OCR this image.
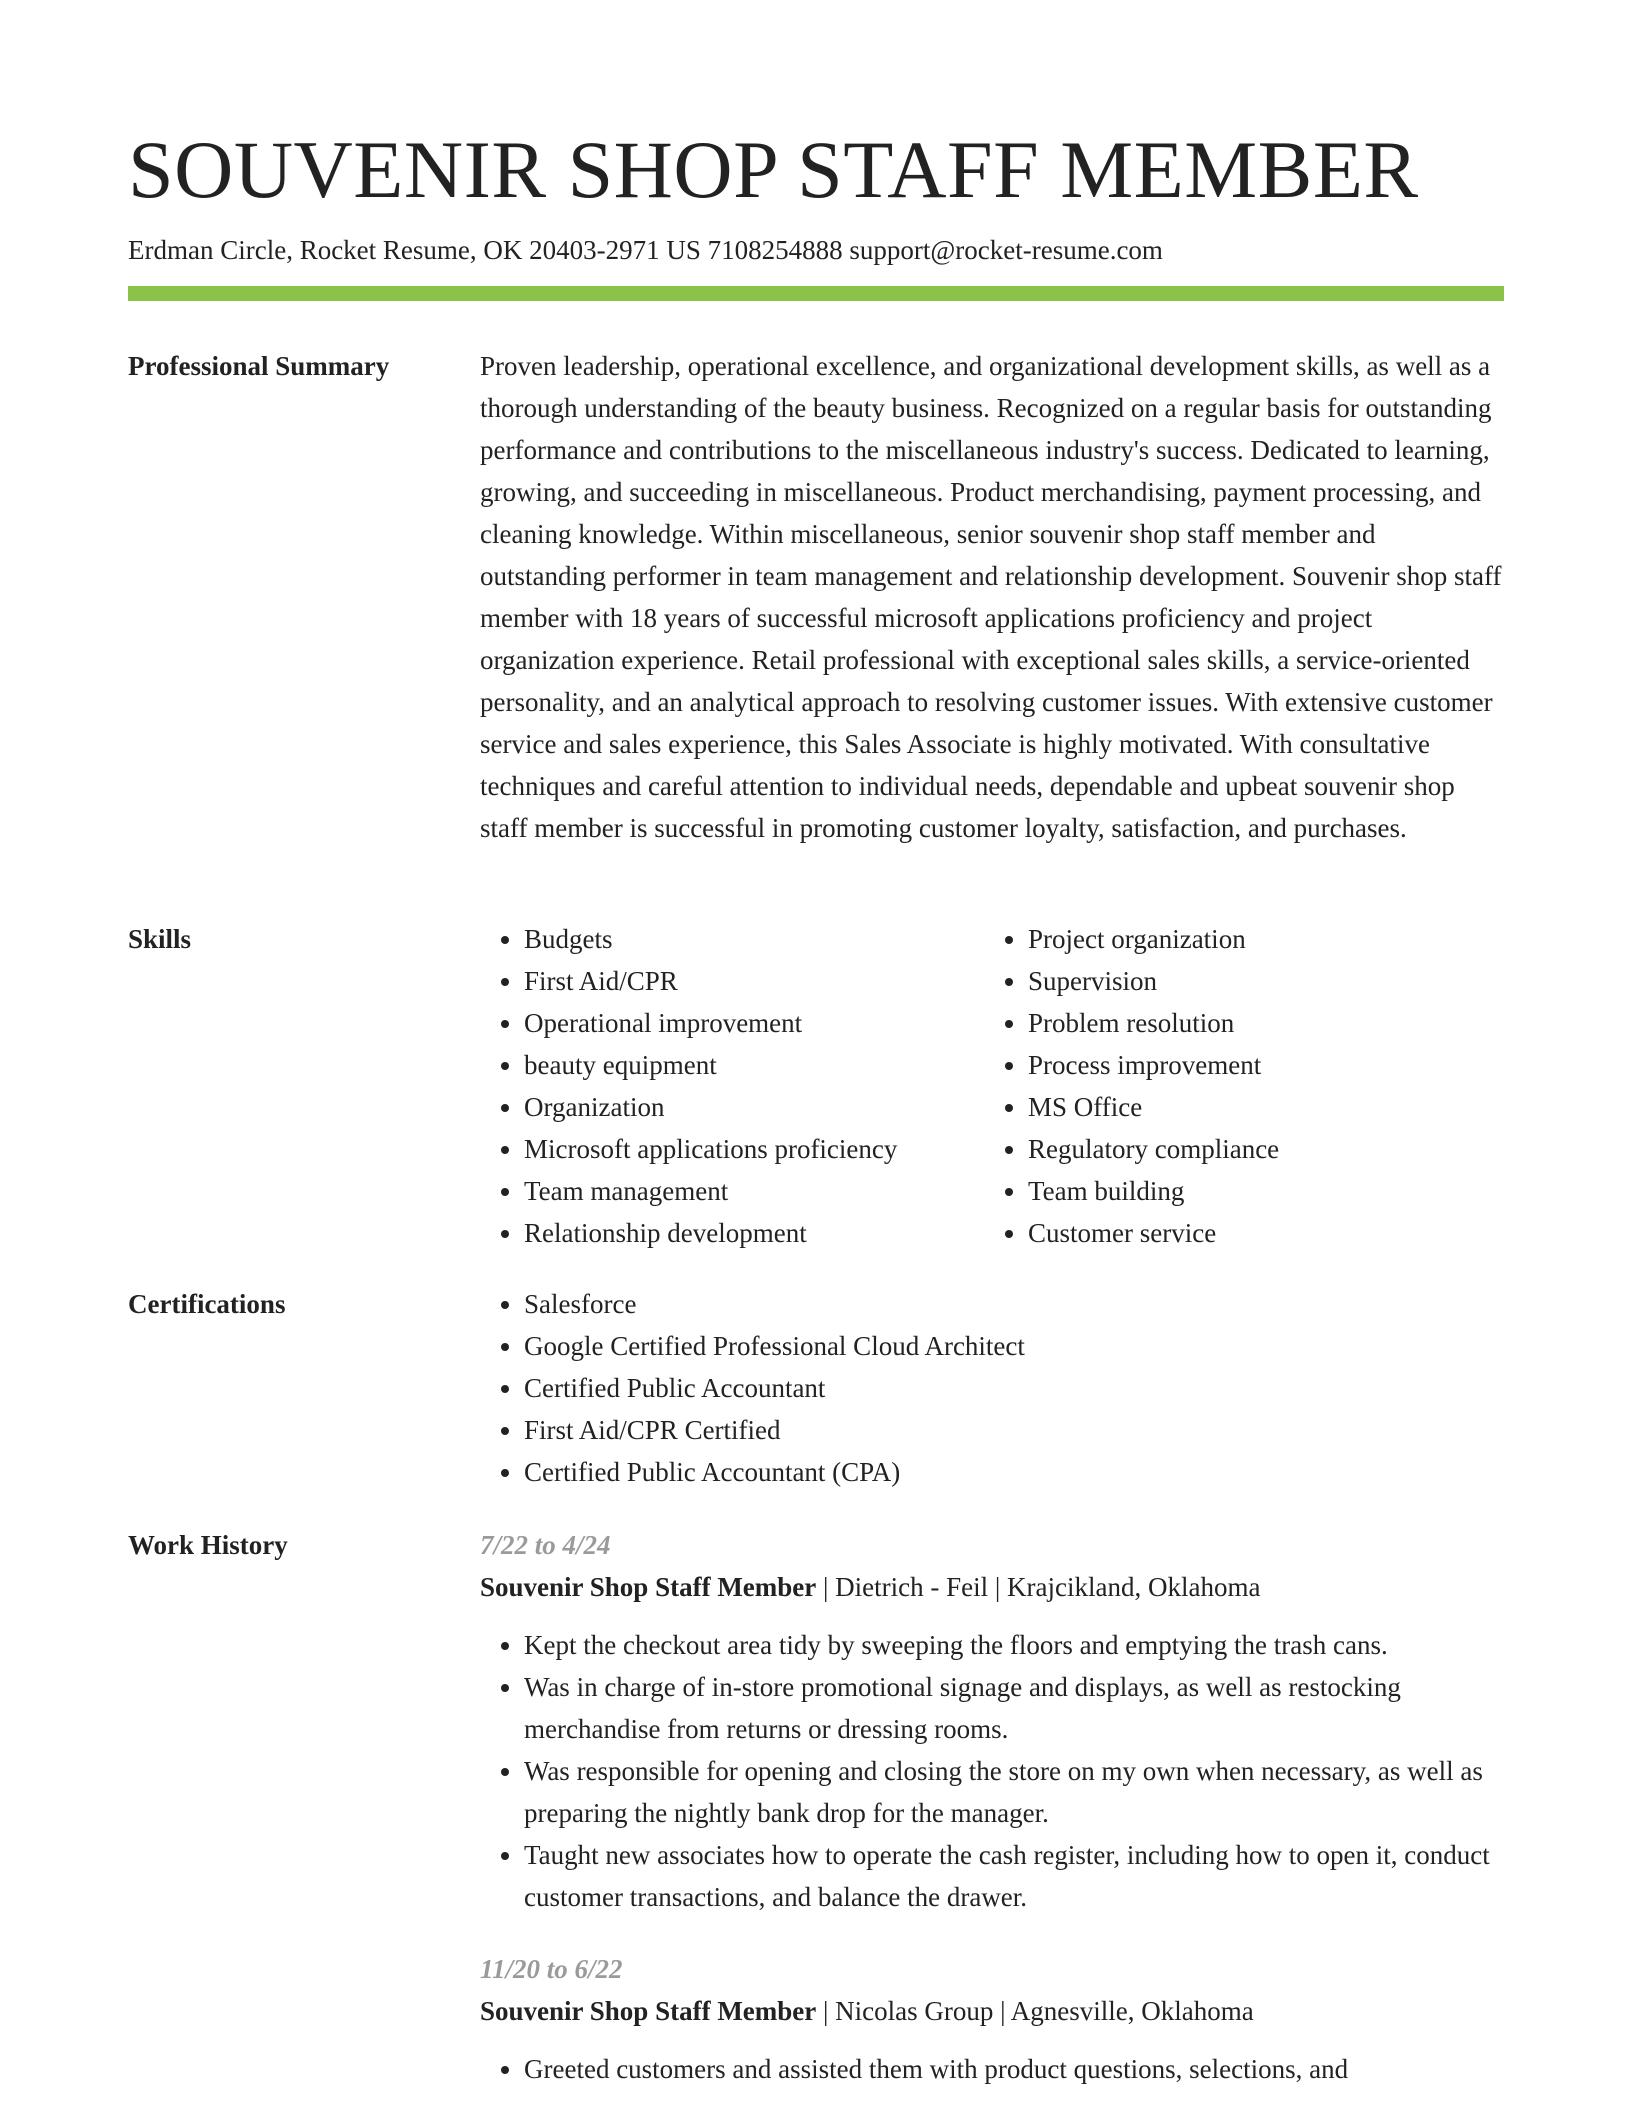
SOUVENIR SHOP STAFF MEMBER
Erdman Circle, Rocket Resume, OK 20403-2971 US 7108254888 support@rocket-resume.com
Professional Summary	Proven leadership, operational excellence, and organizational development skills, as well as a thorough understanding of the beauty business. Recognized on a regular basis for outstanding performance and contributions to the miscellaneous industry's success. Dedicated to learning, growing, and succeeding in miscellaneous. Product merchandising, payment processing, and cleaning knowledge. Within miscellaneous, senior souvenir shop staff member and outstanding performer in team management and relationship development. Souvenir shop staff member with 18 years of successful microsoft applications proficiency and project organization experience. Retail professional with exceptional sales skills, a service-oriented personality, and an analytical approach to resolving customer issues. With extensive customer service and sales experience, this Sales Associate is highly motivated. With consultative techniques and careful attention to individual needs, dependable and upbeat souvenir shop staff member is successful in promoting customer loyalty, satisfaction, and purchases.

Skills	• Budgets
• First Aid/CPR
• Operational improvement
• beauty equipment
• Organization
• Microsoft applications proficiency
• Team management
• Relationship development
• Project organization
• Supervision
• Problem resolution
• Process improvement
• MS Office
• Regulatory compliance
• Team building
• Customer service
Certifications	• Salesforce
• Google Certified Professional Cloud Architect
• Certified Public Accountant
• First Aid/CPR Certified
• Certified Public Accountant (CPA)
Work History	7/22 to 4/24
Souvenir Shop Staff Member | Dietrich - Feil | Krajcikland, Oklahoma
• Kept the checkout area tidy by sweeping the floors and emptying the trash cans.
• Was in charge of in-store promotional signage and displays, as well as restocking merchandise from returns or dressing rooms.
• Was responsible for opening and closing the store on my own when necessary, as well as preparing the nightly bank drop for the manager.
• Taught new associates how to operate the cash register, including how to open it, conduct customer transactions, and balance the drawer.
11/20 to 6/22
Souvenir Shop Staff Member | Nicolas Group | Agnesville, Oklahoma
• Greeted customers and assisted them with product questions, selections, and
